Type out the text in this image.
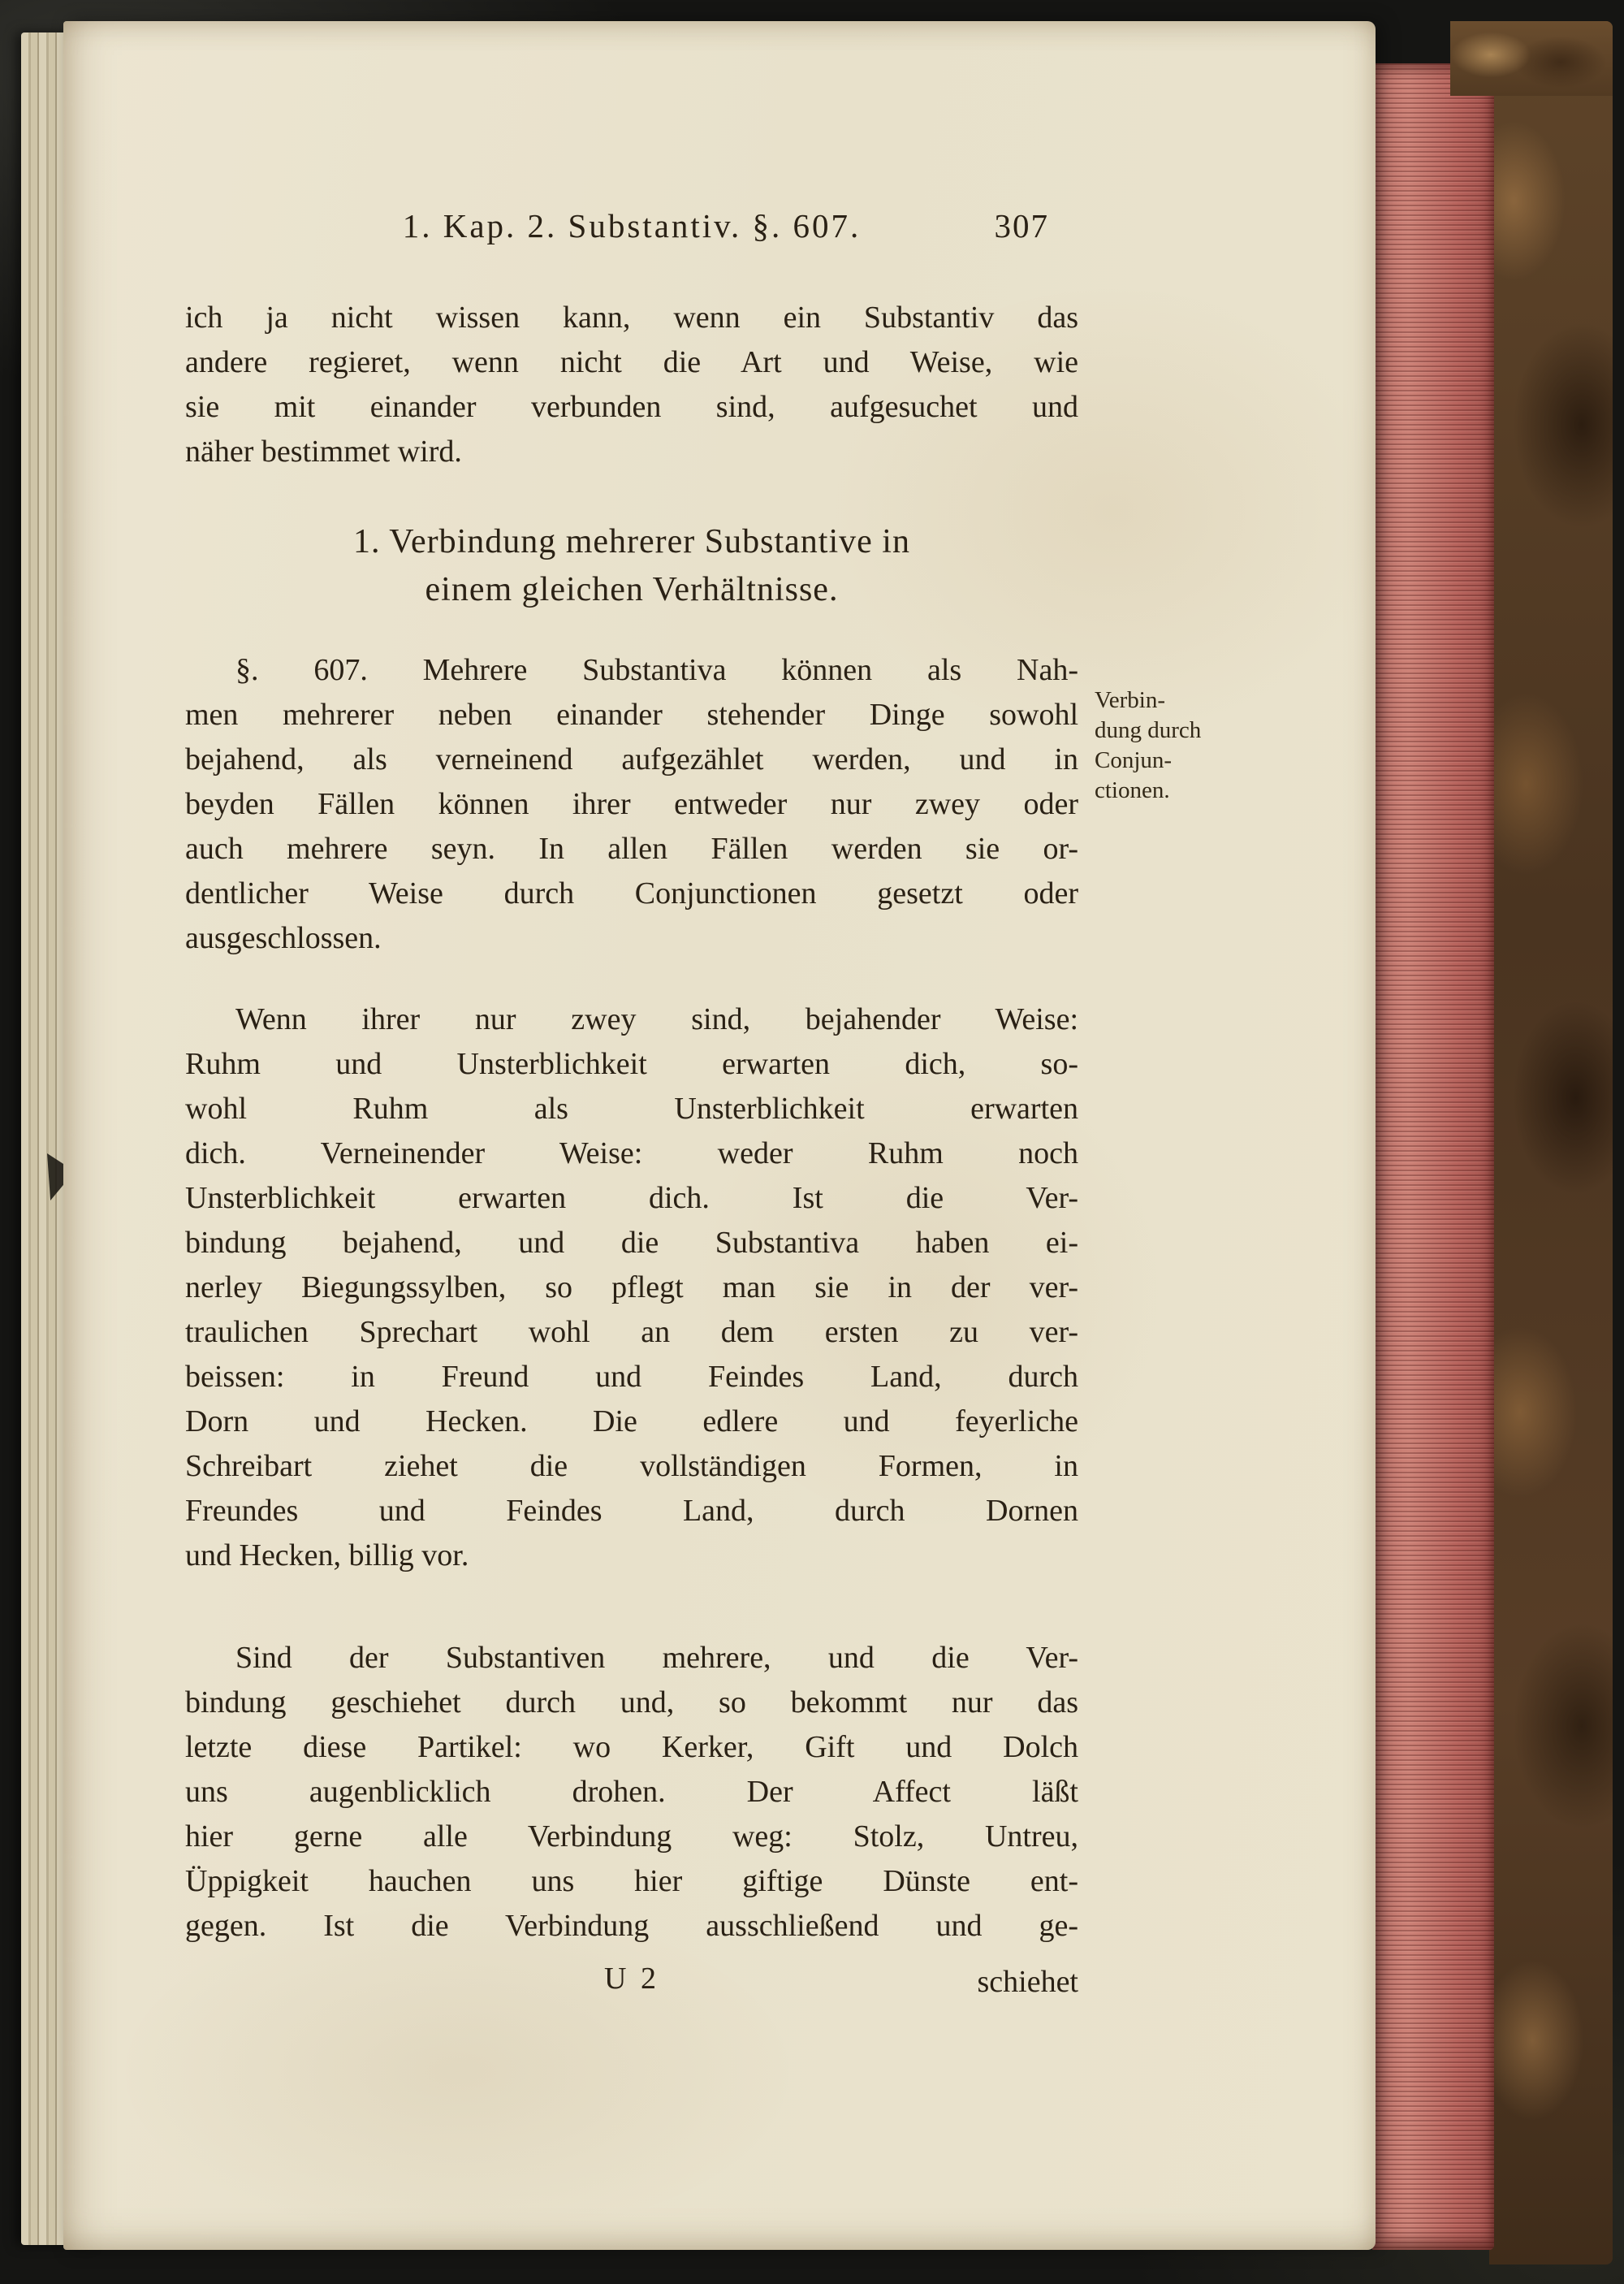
1. Kap. 2. Substantiv. §. 607.	307
ich ja nicht wissen kann, wenn ein Substantiv das
andere regieret, wenn nicht die Art und Weise, wie
sie mit einander verbunden sind, aufgesuchet und
näher bestimmet wird.
1. Verbindung mehrerer Substantive in
einem gleichen Verhältnisse.
§. 607. Mehrere Substantiva können als Nah-
men mehrerer neben einander stehender Dinge sowohl
bejahend, als verneinend aufgezählet werden, und in
beyden Fällen können ihrer entweder nur zwey oder
auch mehrere seyn. In allen Fällen werden sie or-
dentlicher Weise durch Conjunctionen gesetzt oder
ausgeschlossen.
Verbin-
dung durch
Conjun-
ctionen.
Wenn ihrer nur zwey sind, bejahender Weise:
Ruhm und Unsterblichkeit erwarten dich, so-
wohl Ruhm als Unsterblichkeit erwarten
dich. Verneinender Weise: weder Ruhm noch
Unsterblichkeit erwarten dich. Ist die Ver-
bindung bejahend, und die Substantiva haben ei-
nerley Biegungssylben, so pflegt man sie in der ver-
traulichen Sprechart wohl an dem ersten zu ver-
beissen: in Freund und Feindes Land, durch
Dorn und Hecken. Die edlere und feyerliche
Schreibart ziehet die vollständigen Formen, in
Freundes und Feindes Land, durch Dornen
und Hecken, billig vor.
Sind der Substantiven mehrere, und die Ver-
bindung geschiehet durch und, so bekommt nur das
letzte diese Partikel: wo Kerker, Gift und Dolch
uns augenblicklich drohen. Der Affect läßt
hier gerne alle Verbindung weg: Stolz, Untreu,
Üppigkeit hauchen uns hier giftige Dünste ent-
gegen. Ist die Verbindung ausschließend und ge-
U 2	schiehet
